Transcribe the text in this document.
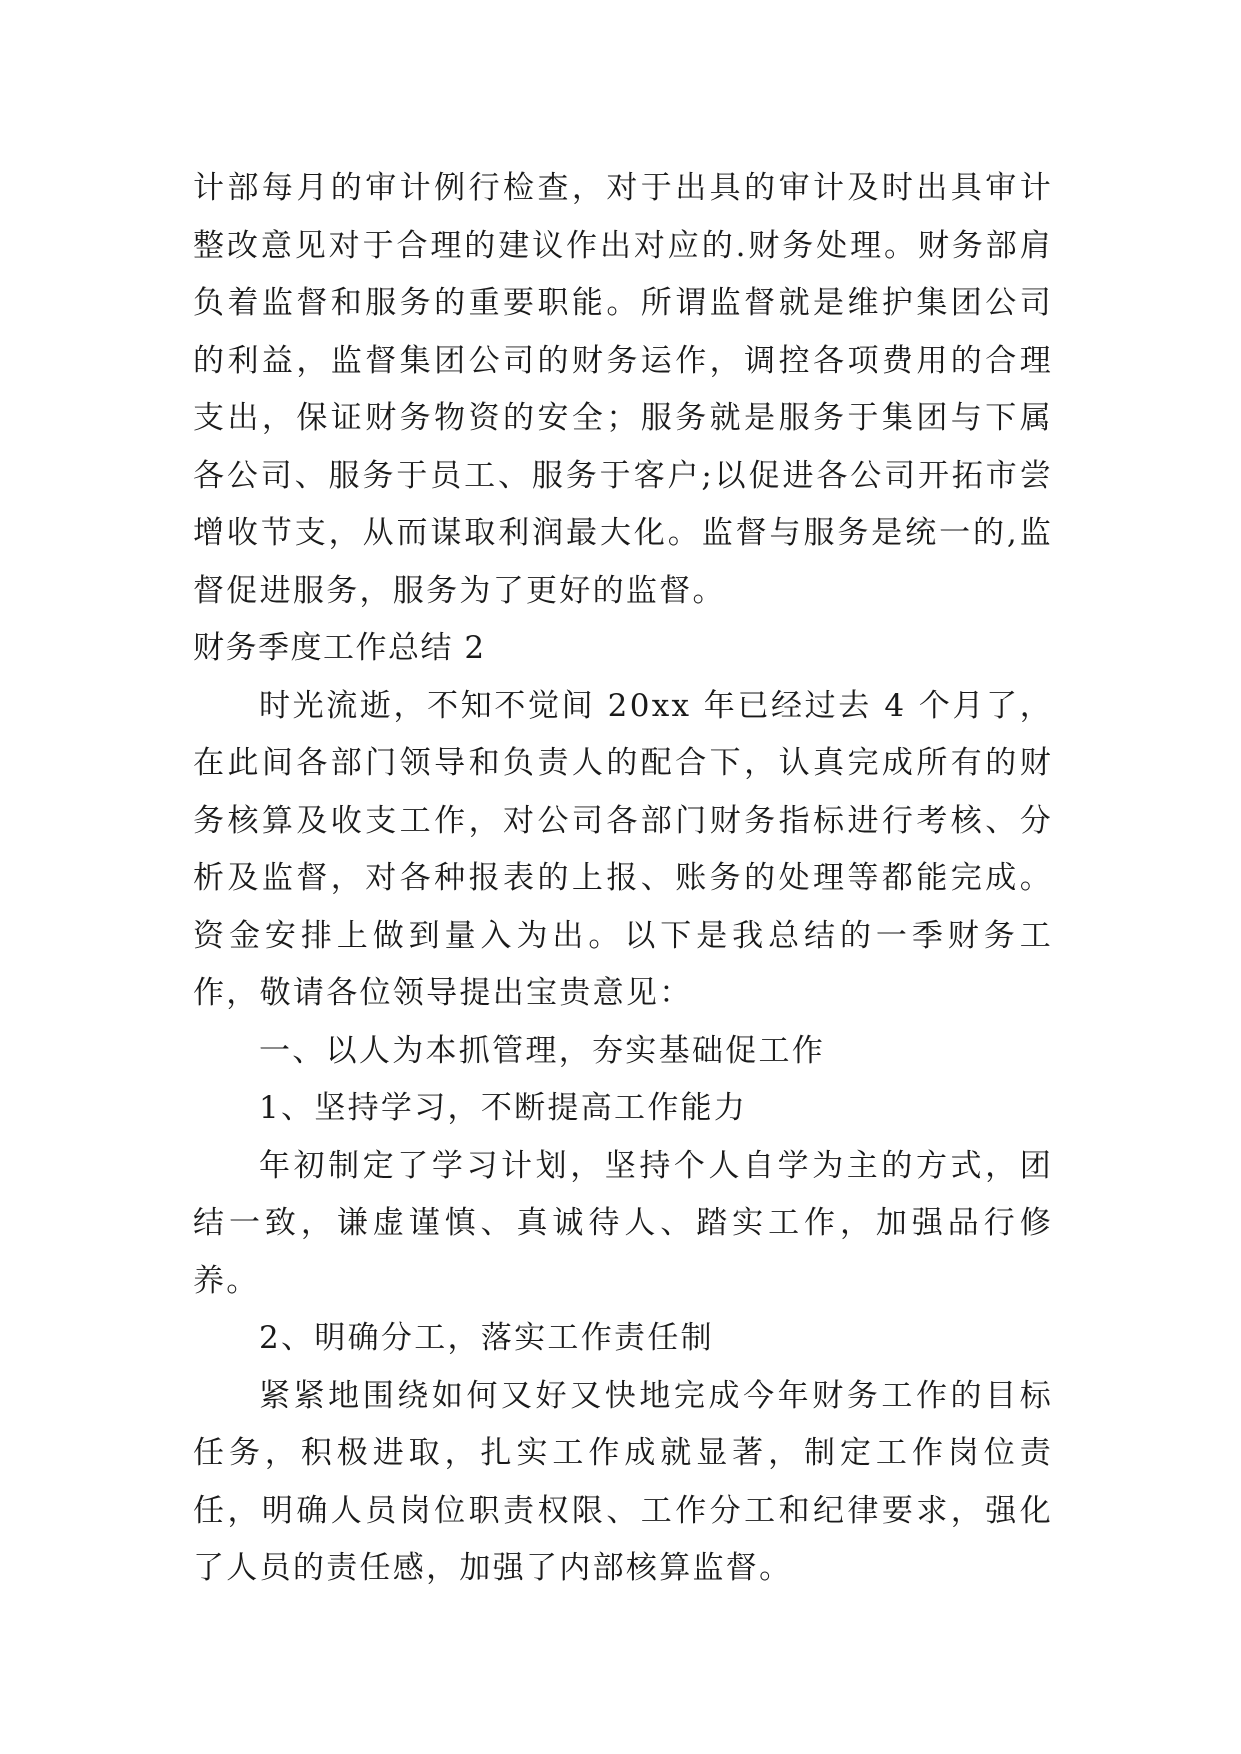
计部每月的审计例行检查，对于出具的审计及时出具审计整改意见对于合理的建议作出对应的.财务处理。财务部肩负着监督和服务的重要职能。所谓监督就是维护集团公司的利益，监督集团公司的财务运作，调控各项费用的合理支出，保证财务物资的安全；服务就是服务于集团与下属各公司、服务于员工、服务于客户;以促进各公司开拓市尝增收节支，从而谋取利润最大化。监督与服务是统一的,监督促进服务，服务为了更好的监督。

财务季度工作总结 2

时光流逝，不知不觉间 20xx 年已经过去 4 个月了，在此间各部门领导和负责人的配合下，认真完成所有的财务核算及收支工作，对公司各部门财务指标进行考核、分析及监督，对各种报表的上报、账务的处理等都能完成。资金安排上做到量入为出。以下是我总结的一季财务工作，敬请各位领导提出宝贵意见：

一、以人为本抓管理，夯实基础促工作

1、坚持学习，不断提高工作能力

年初制定了学习计划，坚持个人自学为主的方式，团结一致，谦虚谨慎、真诚待人、踏实工作，加强品行修养。

2、明确分工，落实工作责任制

紧紧地围绕如何又好又快地完成今年财务工作的目标任务，积极进取，扎实工作成就显著，制定工作岗位责任，明确人员岗位职责权限、工作分工和纪律要求，强化了人员的责任感，加强了内部核算监督。
